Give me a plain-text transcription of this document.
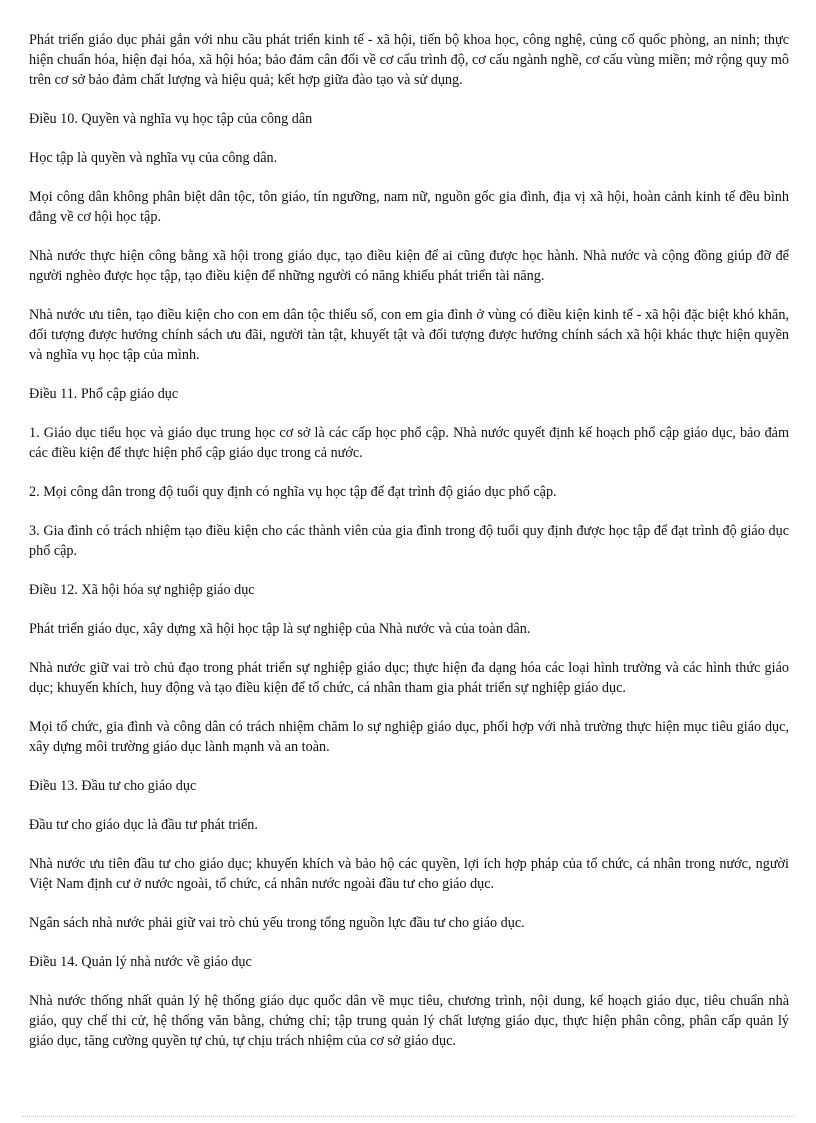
Phát triển giáo dục phải gắn với nhu cầu phát triển kinh tế - xã hội, tiến bộ khoa học, công nghệ, củng cố quốc phòng, an ninh; thực hiện chuẩn hóa, hiện đại hóa, xã hội hóa; bảo đảm cân đối về cơ cấu trình độ, cơ cấu ngành nghề, cơ cấu vùng miền; mở rộng quy mô trên cơ sở bảo đảm chất lượng và hiệu quả; kết hợp giữa đào tạo và sử dụng.

Điều 10. Quyền và nghĩa vụ học tập của công dân

Học tập là quyền và nghĩa vụ của công dân.

Mọi công dân không phân biệt dân tộc, tôn giáo, tín ngưỡng, nam nữ, nguồn gốc gia đình, địa vị xã hội, hoàn cảnh kinh tế đều bình đẳng về cơ hội học tập.

Nhà nước thực hiện công bằng xã hội trong giáo dục, tạo điều kiện để ai cũng được học hành. Nhà nước và cộng đồng giúp đỡ để người nghèo được học tập, tạo điều kiện để những người có năng khiếu phát triển tài năng.

Nhà nước ưu tiên, tạo điều kiện cho con em dân tộc thiểu số, con em gia đình ở vùng có điều kiện kinh tế - xã hội đặc biệt khó khăn, đối tượng được hưởng chính sách ưu đãi, người tàn tật, khuyết tật và đối tượng được hưởng chính sách xã hội khác thực hiện quyền và nghĩa vụ học tập của mình.

Điều 11. Phổ cập giáo dục

1. Giáo dục tiểu học và giáo dục trung học cơ sở là các cấp học phổ cập. Nhà nước quyết định kế hoạch phổ cập giáo dục, bảo đảm các điều kiện để thực hiện phổ cập giáo dục trong cả nước.

2. Mọi công dân trong độ tuổi quy định có nghĩa vụ học tập để đạt trình độ giáo dục phổ cập.

3. Gia đình có trách nhiệm tạo điều kiện cho các thành viên của gia đình trong độ tuổi quy định được học tập để đạt trình độ giáo dục phổ cập.

Điều 12. Xã hội hóa sự nghiệp giáo dục

Phát triển giáo dục, xây dựng xã hội học tập là sự nghiệp của Nhà nước và của toàn dân.

Nhà nước giữ vai trò chủ đạo trong phát triển sự nghiệp giáo dục; thực hiện đa dạng hóa các loại hình trường và các hình thức giáo dục; khuyến khích, huy động và tạo điều kiện để tổ chức, cá nhân tham gia phát triển sự nghiệp giáo dục.

Mọi tổ chức, gia đình và công dân có trách nhiệm chăm lo sự nghiệp giáo dục, phối hợp với nhà trường thực hiện mục tiêu giáo dục, xây dựng môi trường giáo dục lành mạnh và an toàn.

Điều 13. Đầu tư cho giáo dục

Đầu tư cho giáo dục là đầu tư phát triển.

Nhà nước ưu tiên đầu tư cho giáo dục; khuyến khích và bảo hộ các quyền, lợi ích hợp pháp của tổ chức, cá nhân trong nước, người Việt Nam định cư ở nước ngoài, tổ chức, cá nhân nước ngoài đầu tư cho giáo dục.

Ngân sách nhà nước phải giữ vai trò chủ yếu trong tổng nguồn lực đầu tư cho giáo dục.

Điều 14. Quản lý nhà nước về giáo dục

Nhà nước thống nhất quản lý hệ thống giáo dục quốc dân về mục tiêu, chương trình, nội dung, kế hoạch giáo dục, tiêu chuẩn nhà giáo, quy chế thi cử, hệ thống văn bằng, chứng chỉ; tập trung quản lý chất lượng giáo dục, thực hiện phân công, phân cấp quản lý giáo dục, tăng cường quyền tự chủ, tự chịu trách nhiệm của cơ sở giáo dục.
